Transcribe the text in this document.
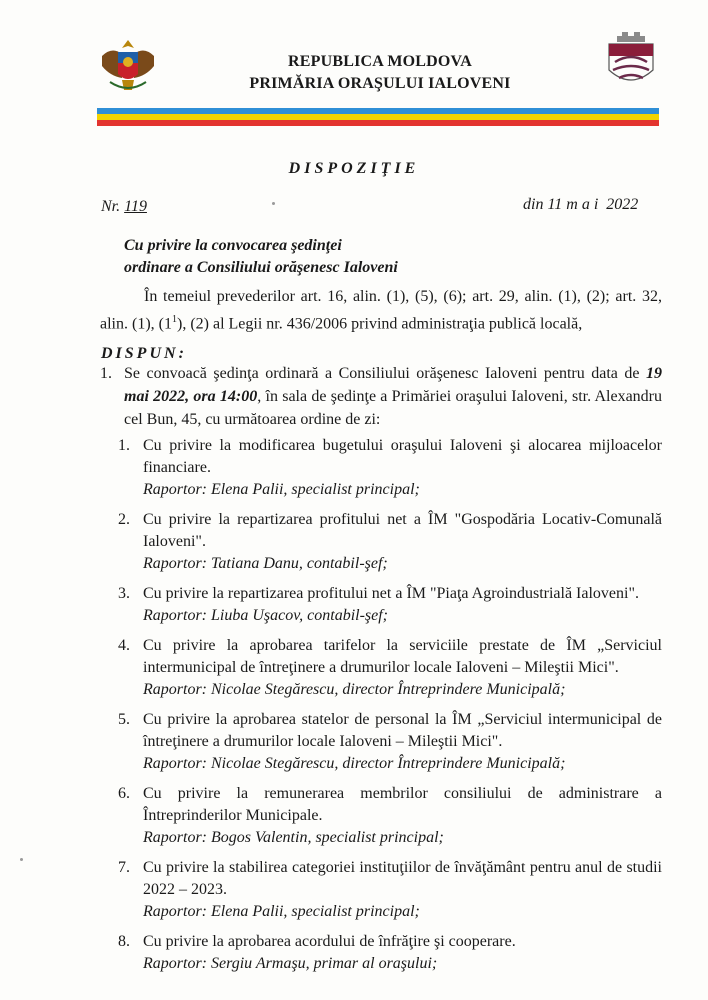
REPUBLICA MOLDOVA
PRIMĂRIA ORAŞULUI IALOVENI
DISPOZIŢIE
Nr. 119	din 11 mai 2022
Cu privire la convocarea şedinţei
ordinare a Consiliului orăşenesc Ialoveni
În temeiul prevederilor art. 16, alin. (1), (5), (6); art. 29, alin. (1), (2); art. 32, alin. (1), $(1^1)$, (2) al Legii nr. 436/2006 privind administraţia publică locală,
DISPUN:
1. Se convoacă şedinţa ordinară a Consiliului orăşenesc Ialoveni pentru data de 19 mai 2022, ora 14:00, în sala de şedinţe a Primăriei oraşului Ialoveni, str. Alexandru cel Bun, 45, cu următoarea ordine de zi:
1. Cu privire la modificarea bugetului oraşului Ialoveni şi alocarea mijloacelor financiare.
Raportor: Elena Palii, specialist principal;
2. Cu privire la repartizarea profitului net a ÎM "Gospodăria Locativ-Comunală Ialoveni".
Raportor: Tatiana Danu, contabil-şef;
3. Cu privire la repartizarea profitului net a ÎM "Piaţa Agroindustrială Ialoveni".
Raportor: Liuba Uşacov, contabil-şef;
4. Cu privire la aprobarea tarifelor la serviciile prestate de ÎM „Serviciul intermunicipal de întreţinere a drumurilor locale Ialoveni – Mileştii Mici".
Raportor: Nicolae Stegărescu, director Întreprindere Municipală;
5. Cu privire la aprobarea statelor de personal la ÎM „Serviciul intermunicipal de întreţinere a drumurilor locale Ialoveni – Mileştii Mici".
Raportor: Nicolae Stegărescu, director Întreprindere Municipală;
6. Cu privire la remunerarea membrilor consiliului de administrare a Întreprinderilor Municipale.
Raportor: Bogos Valentin, specialist principal;
7. Cu privire la stabilirea categoriei instituţiilor de învăţământ pentru anul de studii 2022 – 2023.
Raportor: Elena Palii, specialist principal;
8. Cu privire la aprobarea acordului de înfrăţire şi cooperare.
Raportor: Sergiu Armaşu, primar al oraşului;
